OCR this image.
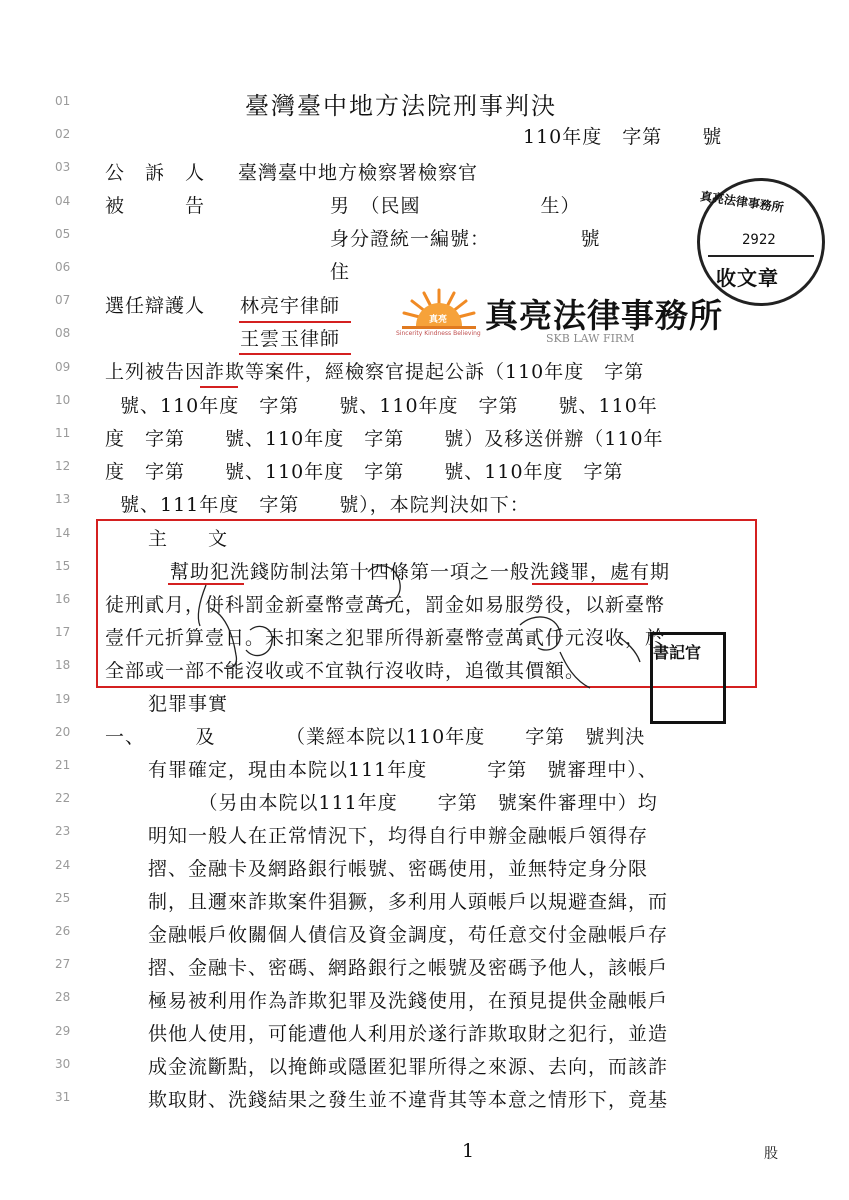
01
02
03
04
05
06
07
08
09
10
11
12
13
14
15
16
17
18
19
20
21
22
23
24
25
26
27
28
29
30
31
臺灣臺中地方法院刑事判決
110年度　字第　　號
公　訴　人 臺灣臺中地方檢察署檢察官
被　　　告	男　（民國　　　　　　生）
身分證統一編號：　　　　　號
住
選任辯護人 林亮宇律師
王雲玉律師
真亮
Sincerity Kindness Believing 真亮法律事務所
SKB LAW FIRM
真亮法律事務所
2922
收文章
上列被告因詐欺等案件，經檢察官提起公訴（110年度　字第
號、110年度　字第　　號、110年度　字第　　號、110年
度　字第　　號、110年度　字第　　號）及移送併辦（110年
度　字第　　號、110年度　字第　　號、110年度　字第
號、111年度　字第　　號），本院判決如下：
主　　文
幫助犯洗錢防制法第十四條第一項之一般洗錢罪，處有期
徒刑貳月，併科罰金新臺幣壹萬元，罰金如易服勞役，以新臺幣
壹仟元折算壹日。未扣案之犯罪所得新臺幣壹萬貳仟元沒收，於
全部或一部不能沒收或不宜執行沒收時，追徵其價額。
書記官
犯罪事實
一、　　　及　　　　（業經本院以110年度　　字第　號判決
有罪確定，現由本院以111年度　　　字第　號審理中）、
　　　（另由本院以111年度　　字第　號案件審理中）均
明知一般人在正常情況下，均得自行申辦金融帳戶領得存
摺、金融卡及網路銀行帳號、密碼使用，並無特定身分限
制，且邇來詐欺案件猖獗，多利用人頭帳戶以規避查緝，而
金融帳戶攸關個人債信及資金調度，苟任意交付金融帳戶存
摺、金融卡、密碼、網路銀行之帳號及密碼予他人，該帳戶
極易被利用作為詐欺犯罪及洗錢使用，在預見提供金融帳戶
供他人使用，可能遭他人利用於遂行詐欺取財之犯行，並造
成金流斷點，以掩飾或隱匿犯罪所得之來源、去向，而該詐
欺取財、洗錢結果之發生並不違背其等本意之情形下，竟基
1	股
